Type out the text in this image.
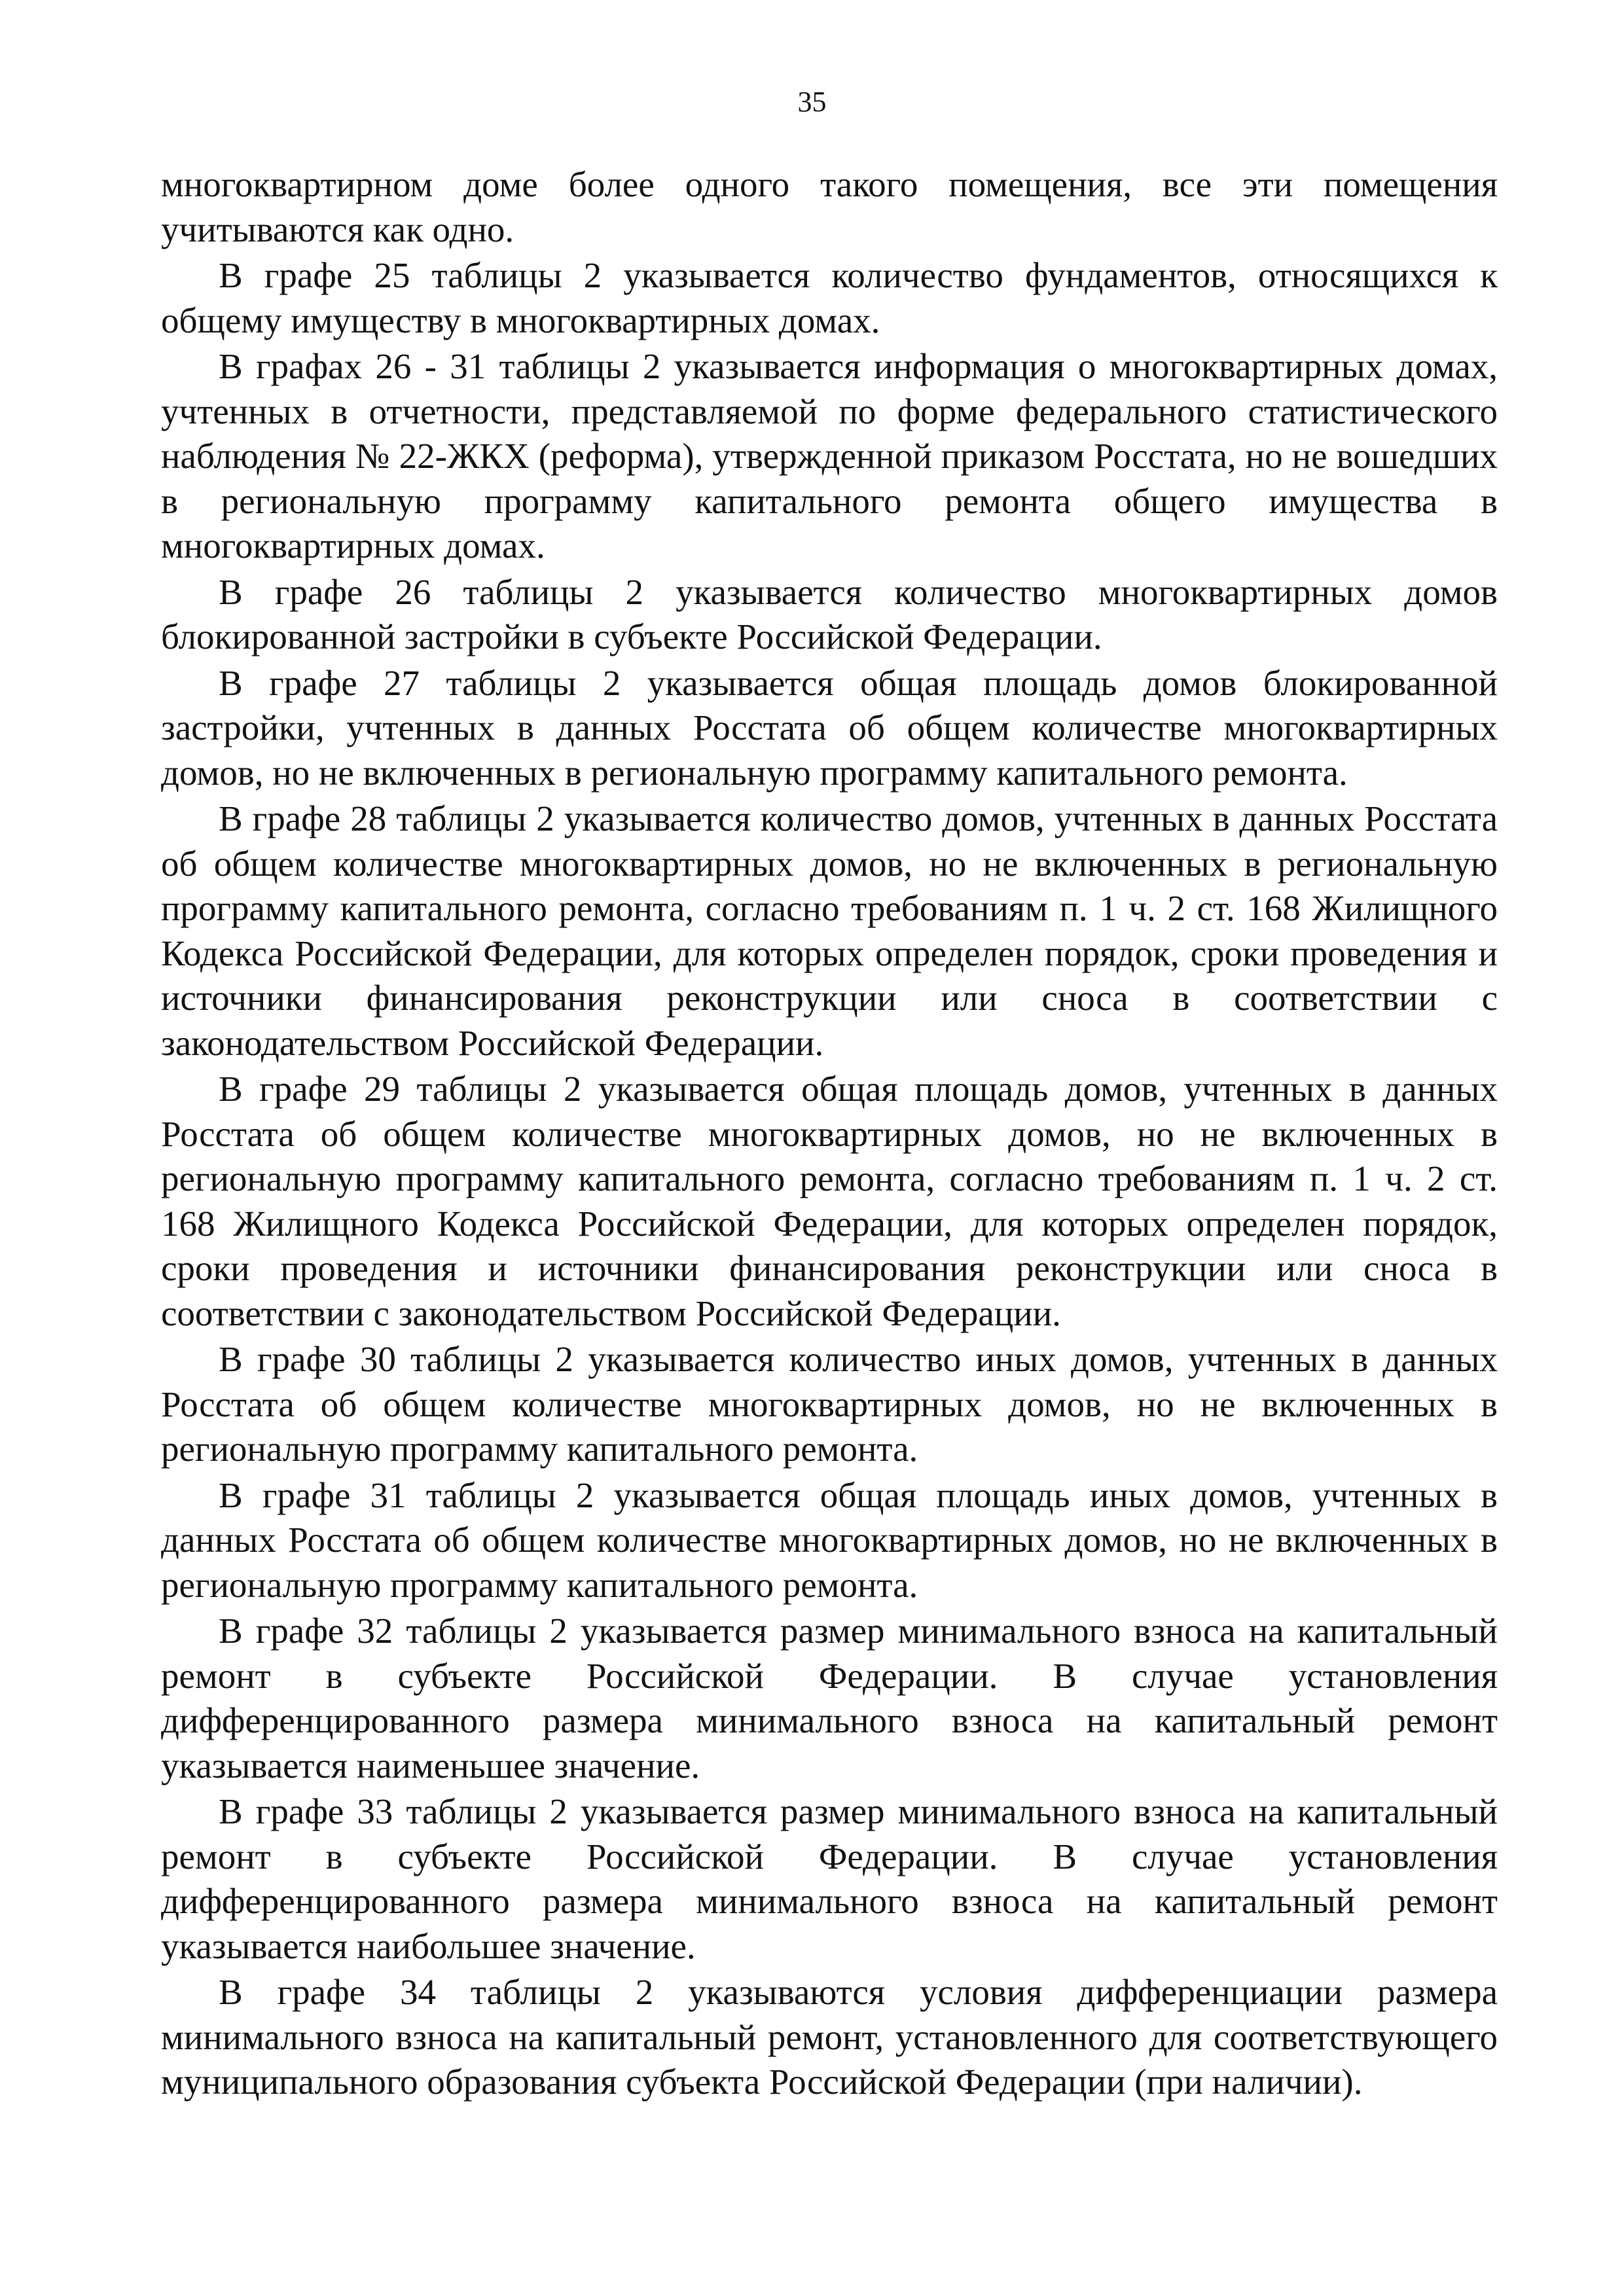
35

многоквартирном доме более одного такого помещения, все эти помещения учитываются как одно.

В графе 25 таблицы 2 указывается количество фундаментов, относящихся к общему имуществу в многоквартирных домах.

В графах 26 - 31 таблицы 2 указывается информация о многоквартирных домах, учтенных в отчетности, представляемой по форме федерального статистического наблюдения № 22-ЖКХ (реформа), утвержденной приказом Росстата, но не вошедших в региональную программу капитального ремонта общего имущества в многоквартирных домах.

В графе 26 таблицы 2 указывается количество многоквартирных домов блокированной застройки в субъекте Российской Федерации.

В графе 27 таблицы 2 указывается общая площадь домов блокированной застройки, учтенных в данных Росстата об общем количестве многоквартирных домов, но не включенных в региональную программу капитального ремонта.

В графе 28 таблицы 2 указывается количество домов, учтенных в данных Росстата об общем количестве многоквартирных домов, но не включенных в региональную программу капитального ремонта, согласно требованиям п. 1 ч. 2 ст. 168 Жилищного Кодекса Российской Федерации, для которых определен порядок, сроки проведения и источники финансирования реконструкции или сноса в соответствии с законодательством Российской Федерации.

В графе 29 таблицы 2 указывается общая площадь домов, учтенных в данных Росстата об общем количестве многоквартирных домов, но не включенных в региональную программу капитального ремонта, согласно требованиям п. 1 ч. 2 ст. 168 Жилищного Кодекса Российской Федерации, для которых определен порядок, сроки проведения и источники финансирования реконструкции или сноса в соответствии с законодательством Российской Федерации.

В графе 30 таблицы 2 указывается количество иных домов, учтенных в данных Росстата об общем количестве многоквартирных домов, но не включенных в региональную программу капитального ремонта.

В графе 31 таблицы 2 указывается общая площадь иных домов, учтенных в данных Росстата об общем количестве многоквартирных домов, но не включенных в региональную программу капитального ремонта.

В графе 32 таблицы 2 указывается размер минимального взноса на капитальный ремонт в субъекте Российской Федерации. В случае установления дифференцированного размера минимального взноса на капитальный ремонт указывается наименьшее значение.

В графе 33 таблицы 2 указывается размер минимального взноса на капитальный ремонт в субъекте Российской Федерации. В случае установления дифференцированного размера минимального взноса на капитальный ремонт указывается наибольшее значение.

В графе 34 таблицы 2 указываются условия дифференциации размера минимального взноса на капитальный ремонт, установленного для соответствующего муниципального образования субъекта Российской Федерации (при наличии).
